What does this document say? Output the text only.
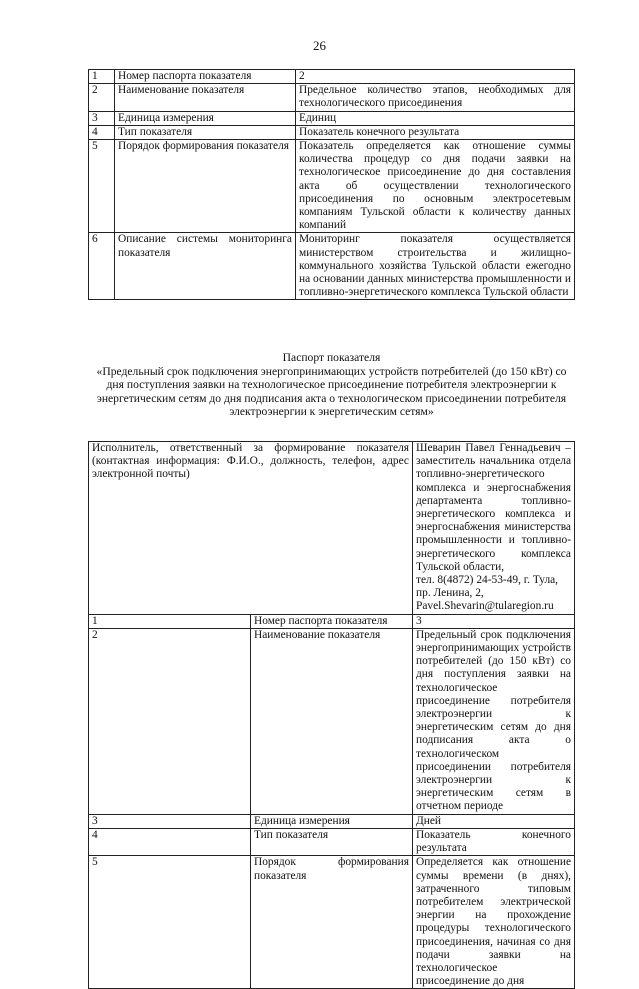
26
1	Номер паспорта показателя	2
2	Наименование показателя	Предельное количество этапов, необходимых для технологического присоединения
3	Единица измерения	Единиц
4	Тип показателя	Показатель конечного результата
5	Порядок формирования показателя	Показатель определяется как отношение суммы количества процедур со дня подачи заявки на технологическое присоединение до дня составления акта об осуществлении технологического присоединения по основным электросетевым компаниям Тульской области к количеству данных компаний
6	Описание системы мониторинга показателя	Мониторинг показателя осуществляется министерством строительства и жилищно-коммунального хозяйства Тульской области ежегодно на основании данных министерства промышленности и топливно-энергетического комплекса Тульской области
Паспорт показателя
«Предельный срок подключения энергопринимающих устройств потребителей (до 150 кВт) со дня поступления заявки на технологическое присоединение потребителя электроэнергии к энергетическим сетям до дня подписания акта о технологическом присоединении потребителя электроэнергии к энергетическим сетям»
Исполнитель, ответственный за формирование показателя (контактная информация: Ф.И.О., должность, телефон, адрес электронной почты)		Шеварин Павел Геннадьевич – заместитель начальника отдела топливно-энергетического комплекса и энергоснабжения департамента топливно-энергетического комплекса и энергоснабжения министерства промышленности и топливно-энергетического комплекса Тульской области,
тел. 8(4872) 24-53-49, г. Тула, пр. Ленина, 2,
Pavel.Shevarin@tularegion.ru

1	Номер паспорта показателя	3
2	Наименование показателя	Предельный срок подключения энергопринимающих устройств потребителей (до 150 кВт) со дня поступления заявки на технологическое присоединение потребителя электроэнергии к энергетическим сетям до дня подписания акта о технологическом присоединении потребителя электроэнергии к энергетическим сетям в отчетном периоде
3	Единица измерения	Дней
4	Тип показателя	Показатель конечного результата
5	Порядок формирования показателя	Определяется как отношение суммы времени (в днях), затраченного типовым потребителем электрической энергии на прохождение процедуры технологического присоединения, начиная со дня подачи заявки на технологическое присоединение до дня
